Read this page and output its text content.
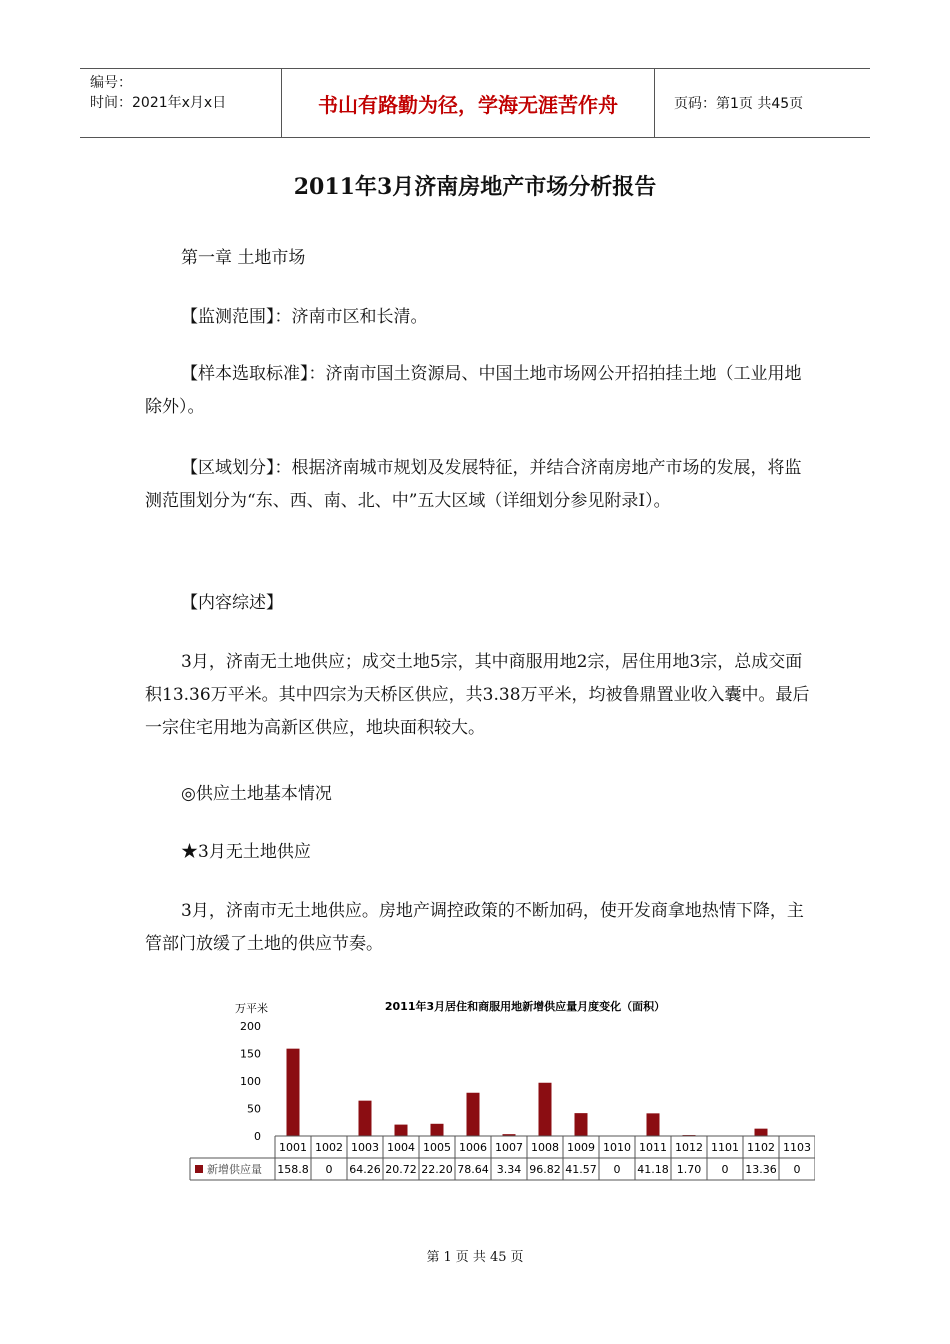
编号：
时间：2021年x月x日	书山有路勤为径，学海无涯苦作舟	页码：第1页 共45页
2011年3月济南房地产市场分析报告

第一章 土地市场

【监测范围】：济南市区和长清。

【样本选取标准】：济南市国土资源局、中国土地市场网公开招拍挂土地（工业用地除外）。

【区域划分】：根据济南城市规划及发展特征，并结合济南房地产市场的发展，将监测范围划分为“东、西、南、北、中”五大区域（详细划分参见附录Ⅰ）。

【内容综述】

3月，济南无土地供应；成交土地5宗，其中商服用地2宗，居住用地3宗，总成交面积13.36万平米。其中四宗为天桥区供应，共3.38万平米，均被鲁鼎置业收入囊中。最后一宗住宅用地为高新区供应，地块面积较大。

◎供应土地基本情况

★3月无土地供应

3月，济南市无土地供应。房地产调控政策的不断加码，使开发商拿地热情下降，主管部门放缓了土地的供应节奏。

2011年3月居住和商服用地新增供应量月度变化（面积）
万平米
200
150
100
50
0
1001
158.8
1002
0
1003
64.26
1004
20.72
1005
22.20
1006
78.64
1007
3.34
1008
96.82
1009
41.57
1010
0
1011
41.18
1012
1.70
1101
0
1102
13.36
1103
0
新增供应量
第 1 页 共 45 页
